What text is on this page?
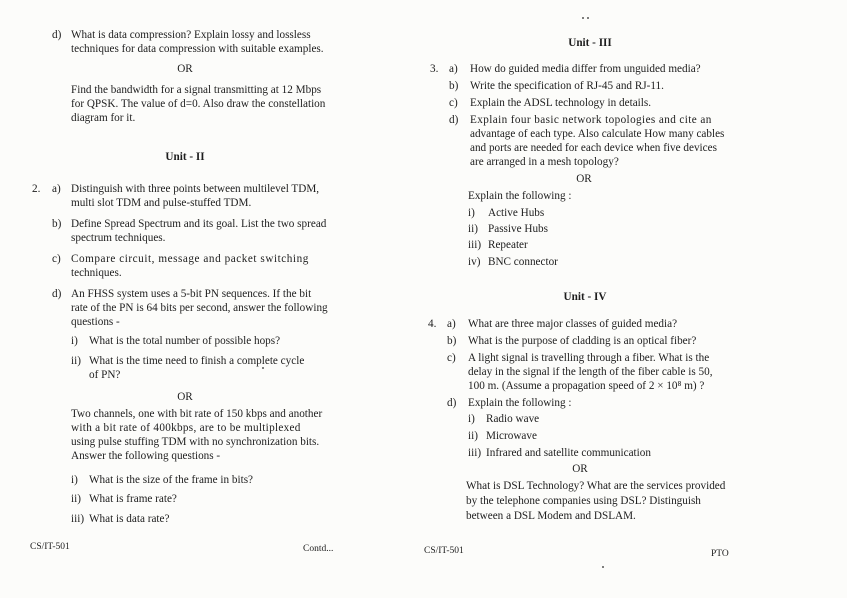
d) What is data compression? Explain lossy and lossless
techniques for data compression with suitable examples.
OR
Find the bandwidth for a signal transmitting at 12 Mbps
for QPSK. The value of d=0. Also draw the constellation
diagram for it.
Unit - II
2. a) Distinguish with three points between multilevel TDM,
multi slot TDM and pulse-stuffed TDM.
b) Define Spread Spectrum and its goal. List the two spread
spectrum techniques.
c) Compare circuit, message and packet switching
techniques.
d) An FHSS system uses a 5-bit PN sequences. If the bit
rate of the PN is 64 bits per second, answer the following
questions -
i) What is the total number of possible hops?
ii) What is the time need to finish a complete cycle
of PN?
OR
Two channels, one with bit rate of 150 kbps and another
with a bit rate of 400kbps, are to be multiplexed
using pulse stuffing TDM with no synchronization bits.
Answer the following questions -
i) What is the size of the frame in bits?
ii) What is frame rate?
iii) What is data rate?
CS/IT-501	Contd...
Unit - III
3. a) How do guided media differ from unguided media?
b) Write the specification of RJ-45 and RJ-11.
c) Explain the ADSL technology in details.
d) Explain four basic network topologies and cite an
advantage of each type. Also calculate How many cables
and ports are needed for each device when five devices
are arranged in a mesh topology?
OR
Explain the following :
i) Active Hubs
ii) Passive Hubs
iii) Repeater
iv) BNC connector
Unit - IV
4. a) What are three major classes of guided media?
b) What is the purpose of cladding is an optical fiber?
c) A light signal is travelling through a fiber. What is the
delay in the signal if the length of the fiber cable is 50,
100 m. (Assume a propagation speed of 2 × 10⁸ m) ?
d) Explain the following :
i) Radio wave
ii) Microwave
iii) Infrared and satellite communication
OR
What is DSL Technology? What are the services provided
by the telephone companies using DSL? Distinguish
between a DSL Modem and DSLAM.
CS/IT-501	PTO
